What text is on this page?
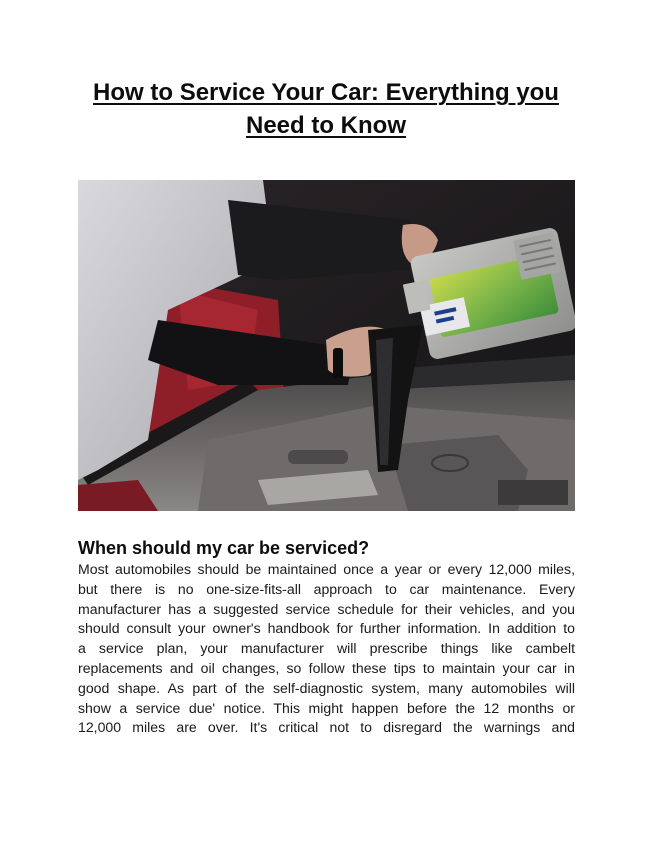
How to Service Your Car: Everything you
Need to Know
When should my car be serviced?
Most automobiles should be maintained once a year or every 12,000 miles,
but there is no one-size-fits-all approach to car maintenance. Every
manufacturer has a suggested service schedule for their vehicles, and you
should consult your owner's handbook for further information. In addition to
a service plan, your manufacturer will prescribe things like cambelt
replacements and oil changes, so follow these tips to maintain your car in
good shape. As part of the self-diagnostic system, many automobiles will
show a service due' notice. This might happen before the 12 months or
12,000 miles are over. It's critical not to disregard the warnings and
